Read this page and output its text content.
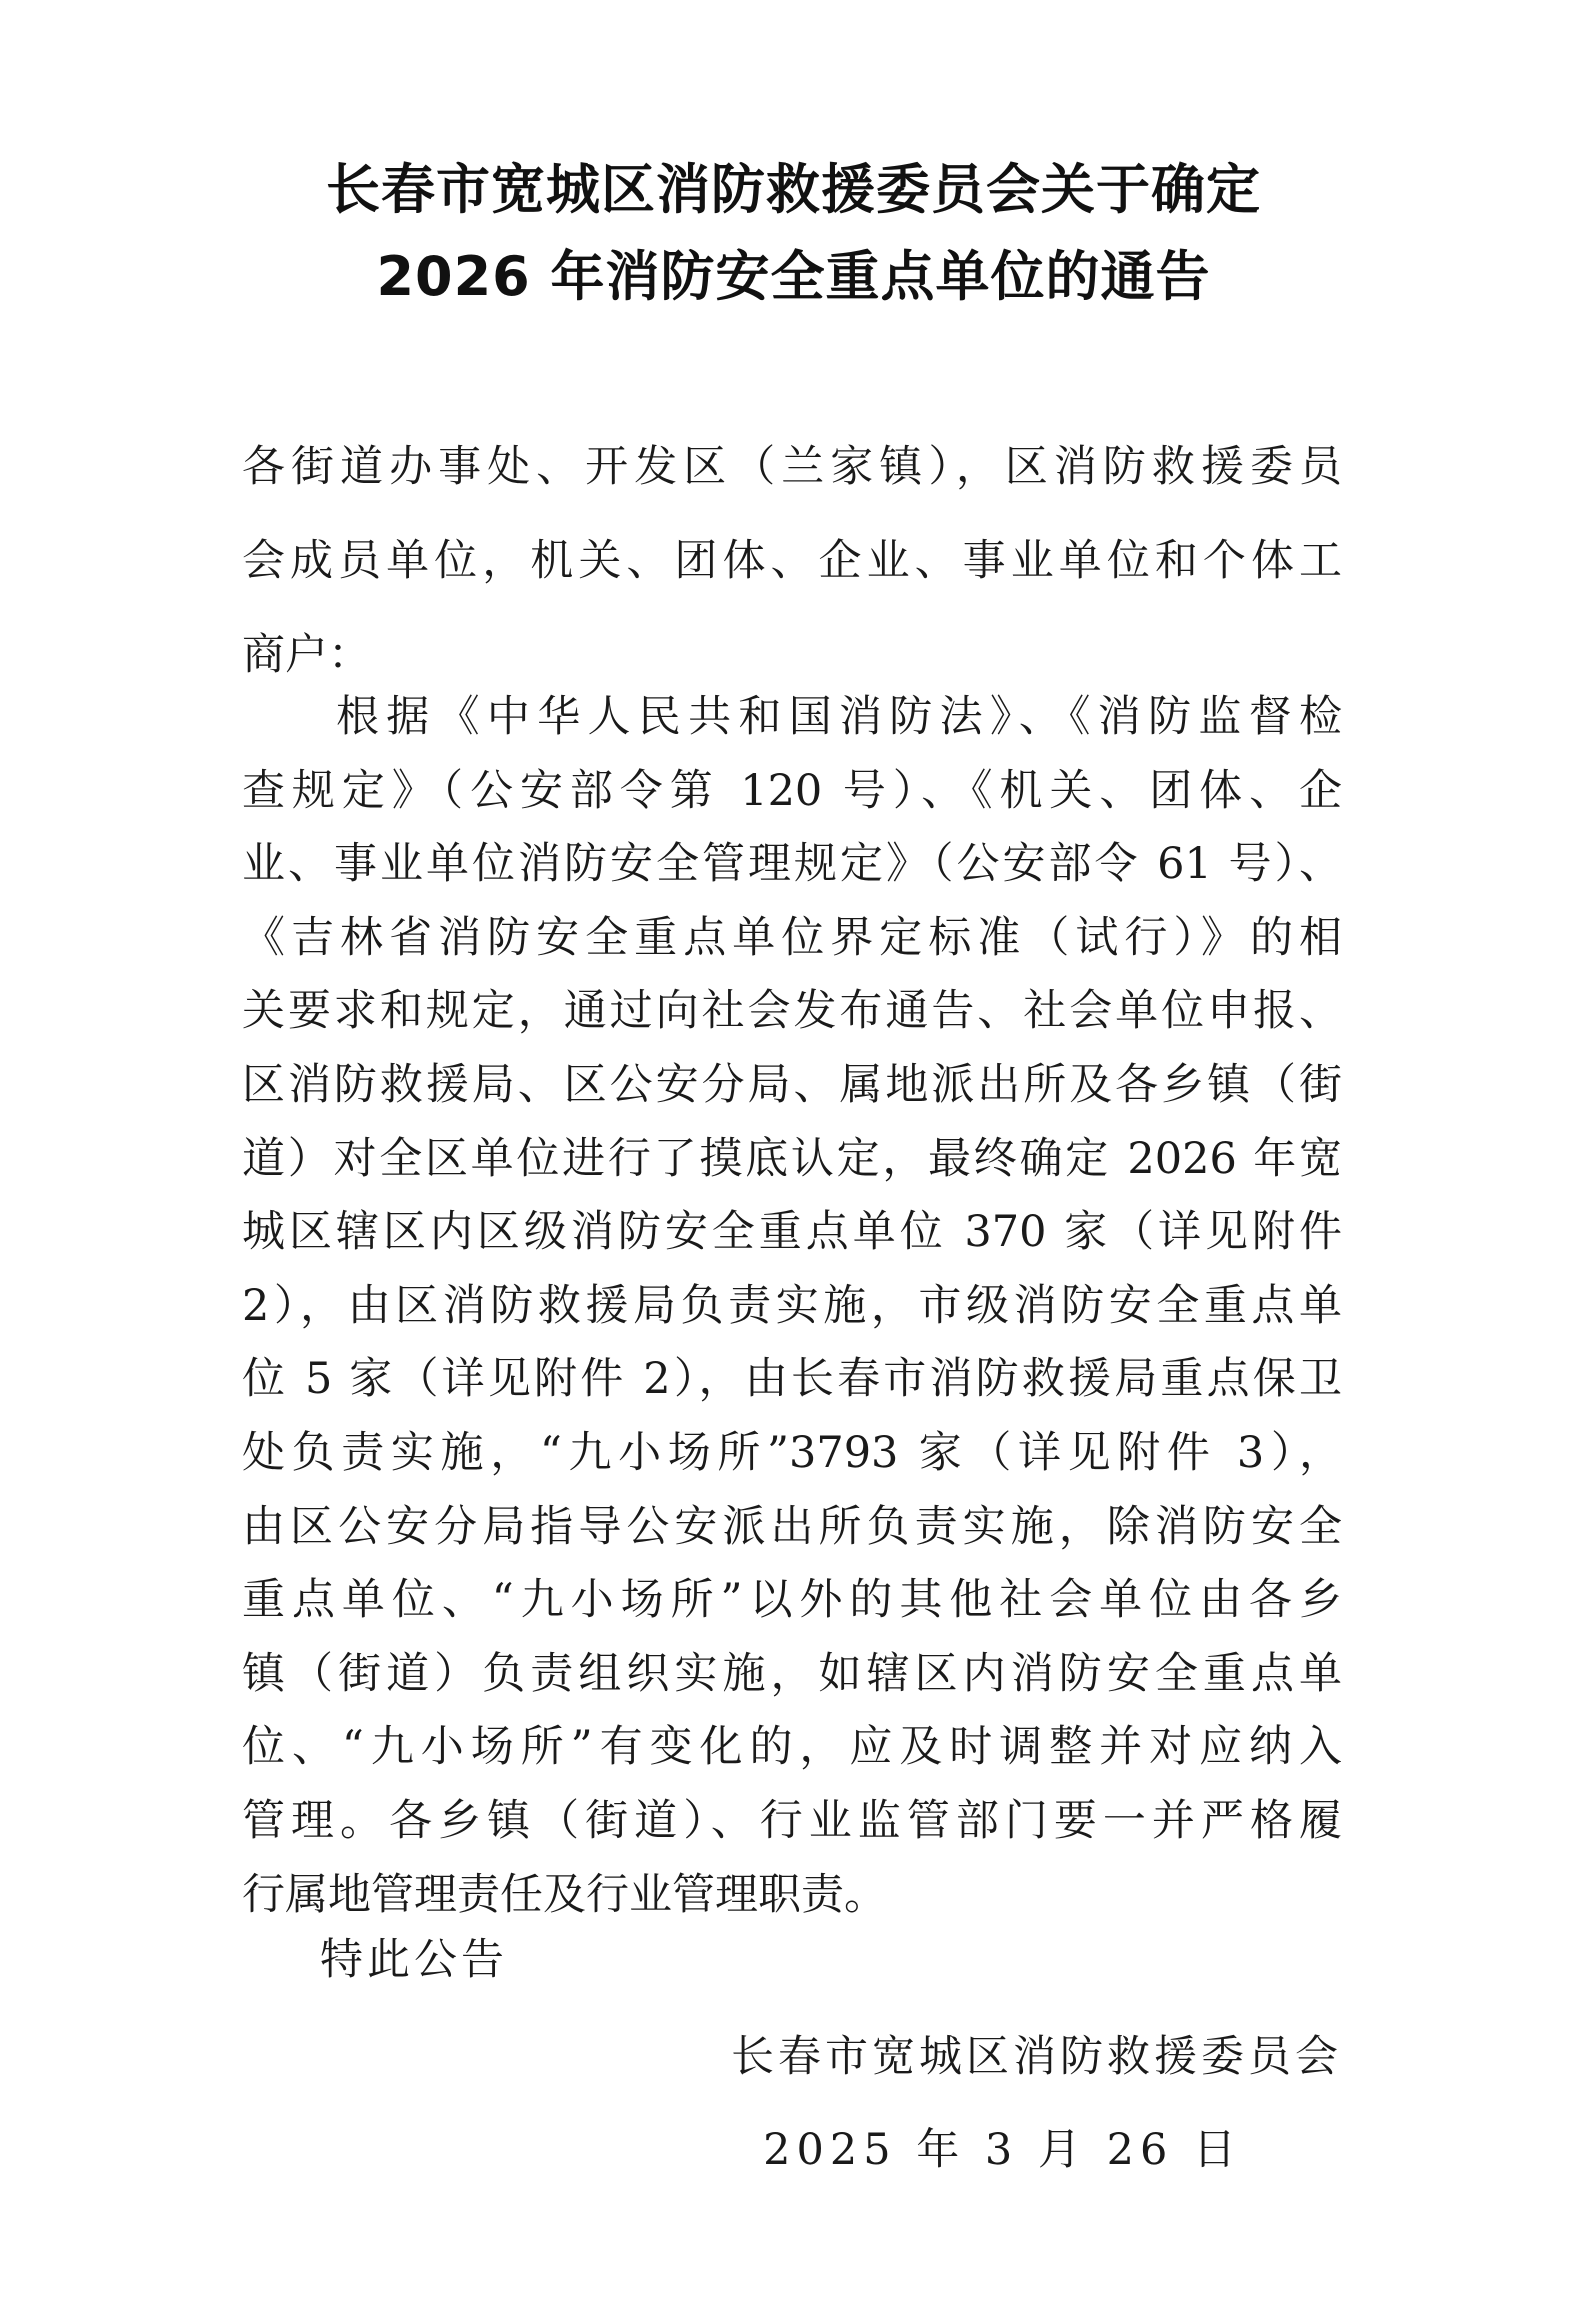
长春市宽城区消防救援委员会关于确定
2026 年消防安全重点单位的通告
各街道办事处、开发区（兰家镇），区消防救援委员
会成员单位，机关、团体、企业、事业单位和个体工
商户：
根据《中华人民共和国消防法》、《消防监督检
查规定》（公安部令第 120 号）、《机关、团体、企
业、事业单位消防安全管理规定》（公安部令 61 号）、
《吉林省消防安全重点单位界定标准（试行）》的相
关要求和规定，通过向社会发布通告、社会单位申报、
区消防救援局、区公安分局、属地派出所及各乡镇（街
道）对全区单位进行了摸底认定，最终确定 2026 年宽
城区辖区内区级消防安全重点单位 370 家（详见附件
2），由区消防救援局负责实施，市级消防安全重点单
位 5 家（详见附件 2），由长春市消防救援局重点保卫
处负责实施，“九小场所”3793 家（详见附件 3），
由区公安分局指导公安派出所负责实施，除消防安全
重点单位、“九小场所”以外的其他社会单位由各乡
镇（街道）负责组织实施，如辖区内消防安全重点单
位、“九小场所”有变化的，应及时调整并对应纳入
管理。各乡镇（街道）、行业监管部门要一并严格履
行属地管理责任及行业管理职责。
特此公告
长春市宽城区消防救援委员会
2025 年 3 月 26 日
